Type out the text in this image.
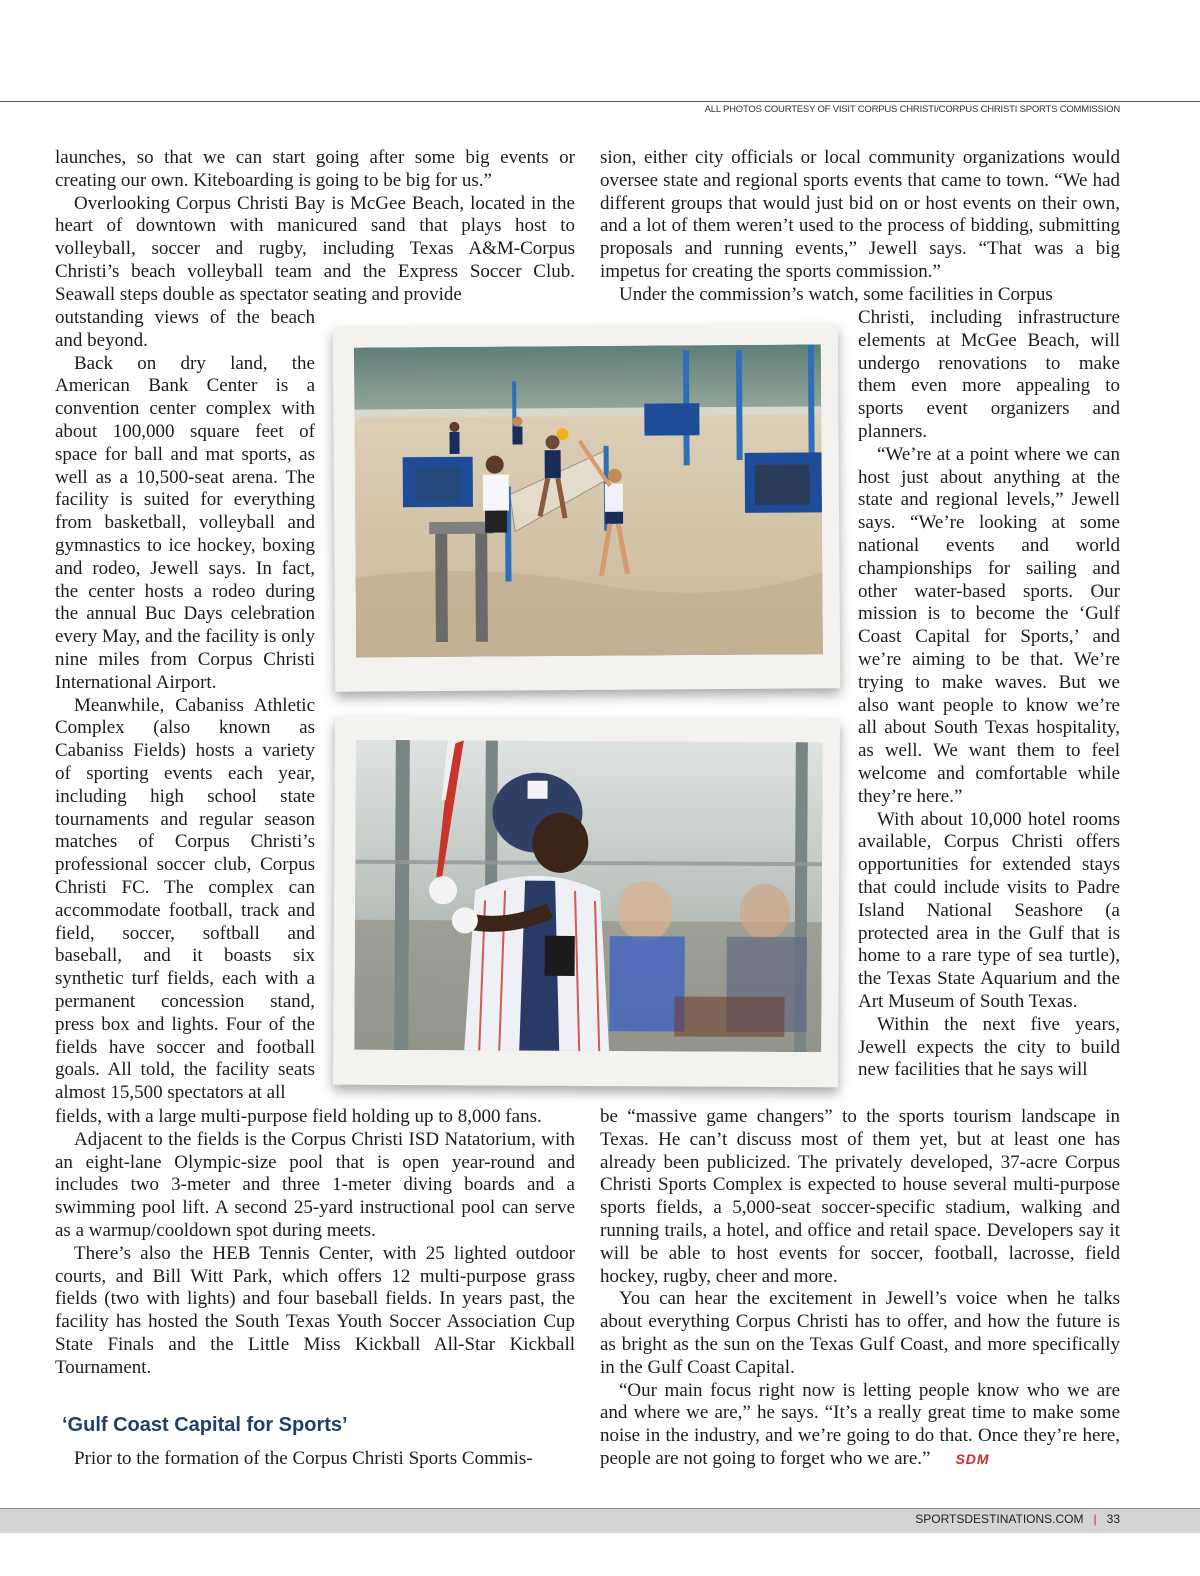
ALL PHOTOS COURTESY OF VISIT CORPUS CHRISTI/CORPUS CHRISTI SPORTS COMMISSION

launches, so that we can start going after some big events or creating our own. Kiteboarding is going to be big for us.”

Overlooking Corpus Christi Bay is McGee Beach, located in the heart of downtown with manicured sand that plays host to volleyball, soccer and rugby, including Texas A&M-Corpus Christi’s beach volleyball team and the Express Soccer Club. Seawall steps double as spectator seating and provide

outstanding views of the beach and beyond.

Back on dry land, the American Bank Center is a convention center complex with about 100,000 square feet of space for ball and mat sports, as well as a 10,500-seat arena. The facility is suited for everything from basketball, volleyball and gymnastics to ice hockey, boxing and rodeo, Jewell says. In fact, the center hosts a rodeo during the annual Buc Days celebration every May, and the facility is only nine miles from Corpus Christi International Airport.

Meanwhile, Cabaniss Athletic Complex (also known as Cabaniss Fields) hosts a variety of sporting events each year, including high school state tournaments and regular season matches of Corpus Christi’s professional soccer club, Corpus Christi FC. The complex can accommodate football, track and field, soccer, softball and baseball, and it boasts six synthetic turf fields, each with a permanent concession stand, press box and lights. Four of the fields have soccer and football goals. All told, the facility seats almost 15,500 spectators at all

fields, with a large multi-purpose field holding up to 8,000 fans.

Adjacent to the fields is the Corpus Christi ISD Natatorium, with an eight-lane Olympic-size pool that is open year-round and includes two 3-meter and three 1-meter diving boards and a swimming pool lift. A second 25-yard instructional pool can serve as a warmup/cooldown spot during meets.

There’s also the HEB Tennis Center, with 25 lighted outdoor courts, and Bill Witt Park, which offers 12 multi-purpose grass fields (two with lights) and four baseball fields. In years past, the facility has hosted the South Texas Youth Soccer Association Cup State Finals and the Little Miss Kickball All-Star Kickball Tournament.

‘Gulf Coast Capital for Sports’

Prior to the formation of the Corpus Christi Sports Commis-

sion, either city officials or local community organizations would oversee state and regional sports events that came to town. “We had different groups that would just bid on or host events on their own, and a lot of them weren’t used to the process of bidding, submitting proposals and running events,” Jewell says. “That was a big impetus for creating the sports commission.”

Under the commission’s watch, some facilities in Corpus

Christi, including infrastructure elements at McGee Beach, will undergo renovations to make them even more appealing to sports event organizers and planners.

“We’re at a point where we can host just about anything at the state and regional levels,” Jewell says. “We’re looking at some national events and world championships for sailing and other water-based sports. Our mission is to become the ‘Gulf Coast Capital for Sports,’ and we’re aiming to be that. We’re trying to make waves. But we also want people to know we’re all about South Texas hospitality, as well. We want them to feel welcome and comfortable while they’re here.”

With about 10,000 hotel rooms available, Corpus Christi offers opportunities for extended stays that could include visits to Padre Island National Seashore (a protected area in the Gulf that is home to a rare type of sea turtle), the Texas State Aquarium and the Art Museum of South Texas.

Within the next five years, Jewell expects the city to build new facilities that he says will

be “massive game changers” to the sports tourism landscape in Texas. He can’t discuss most of them yet, but at least one has already been publicized. The privately developed, 37-acre Corpus Christi Sports Complex is expected to house several multi-purpose sports fields, a 5,000-seat soccer-specific stadium, walking and running trails, a hotel, and office and retail space. Developers say it will be able to host events for soccer, football, lacrosse, field hockey, rugby, cheer and more.

You can hear the excitement in Jewell’s voice when he talks about everything Corpus Christi has to offer, and how the future is as bright as the sun on the Texas Gulf Coast, and more specifically in the Gulf Coast Capital.

“Our main focus right now is letting people know who we are and where we are,” he says. “It’s a really great time to make some noise in the industry, and we’re going to do that. Once they’re here, people are not going to forget who we are.” SDM

SPORTSDESTINATIONS.COM | 33
